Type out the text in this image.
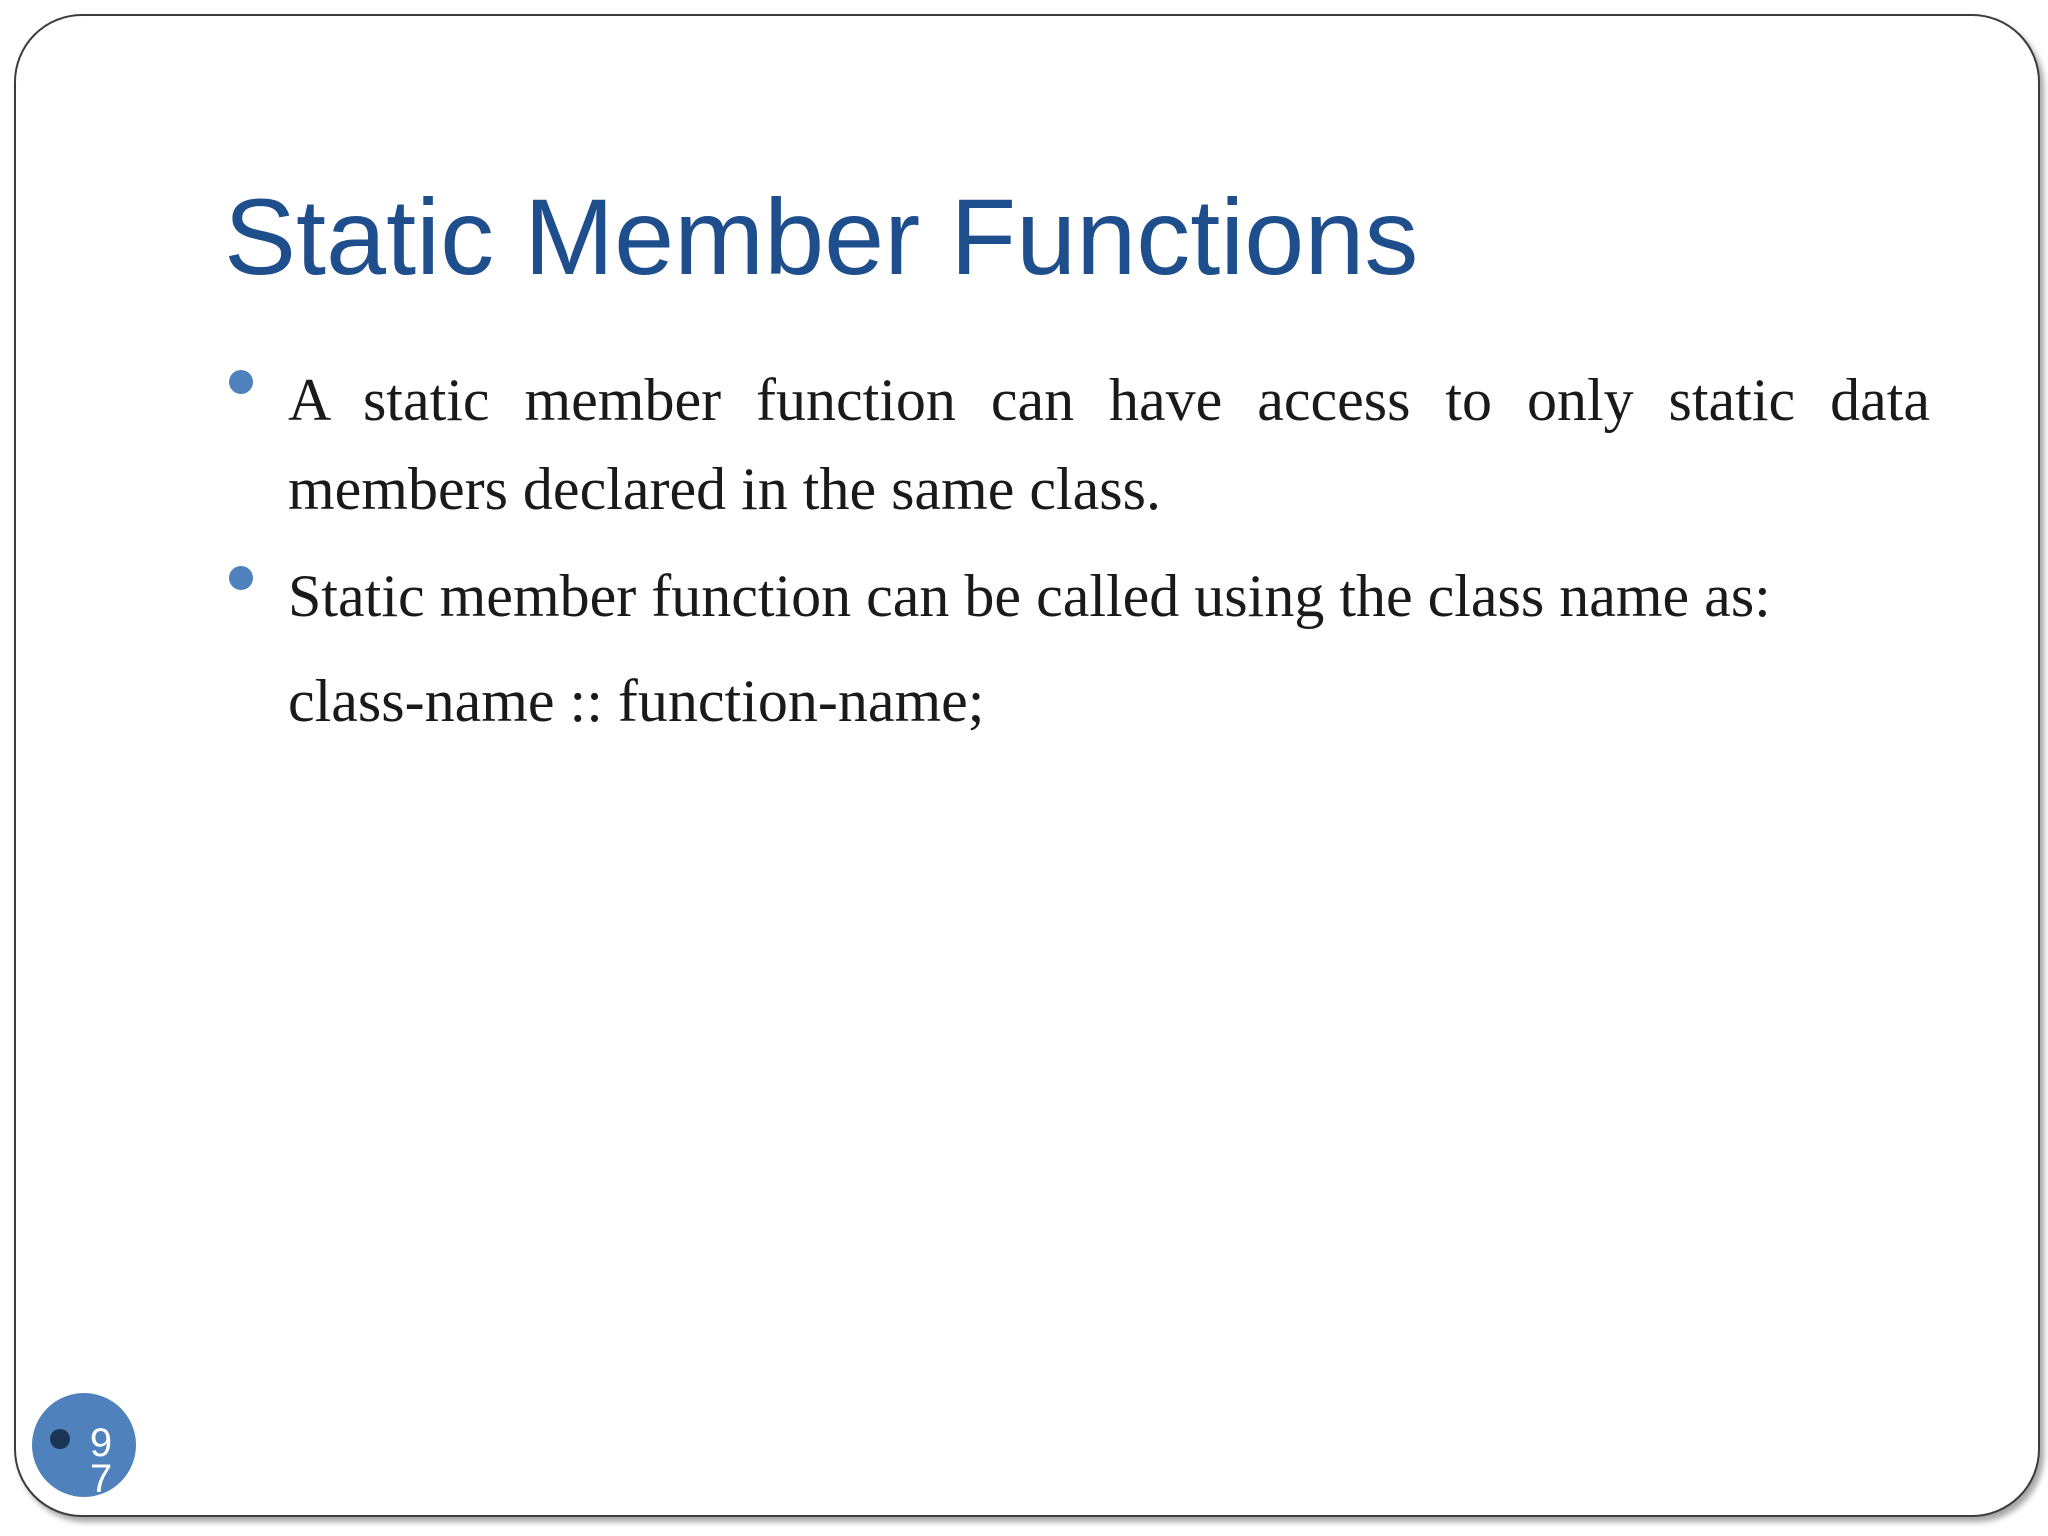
Static Member Functions
A static member function can have access to only static data members declared in the same class.
Static member function can be called using the class name as:
class-name :: function-name;
97
